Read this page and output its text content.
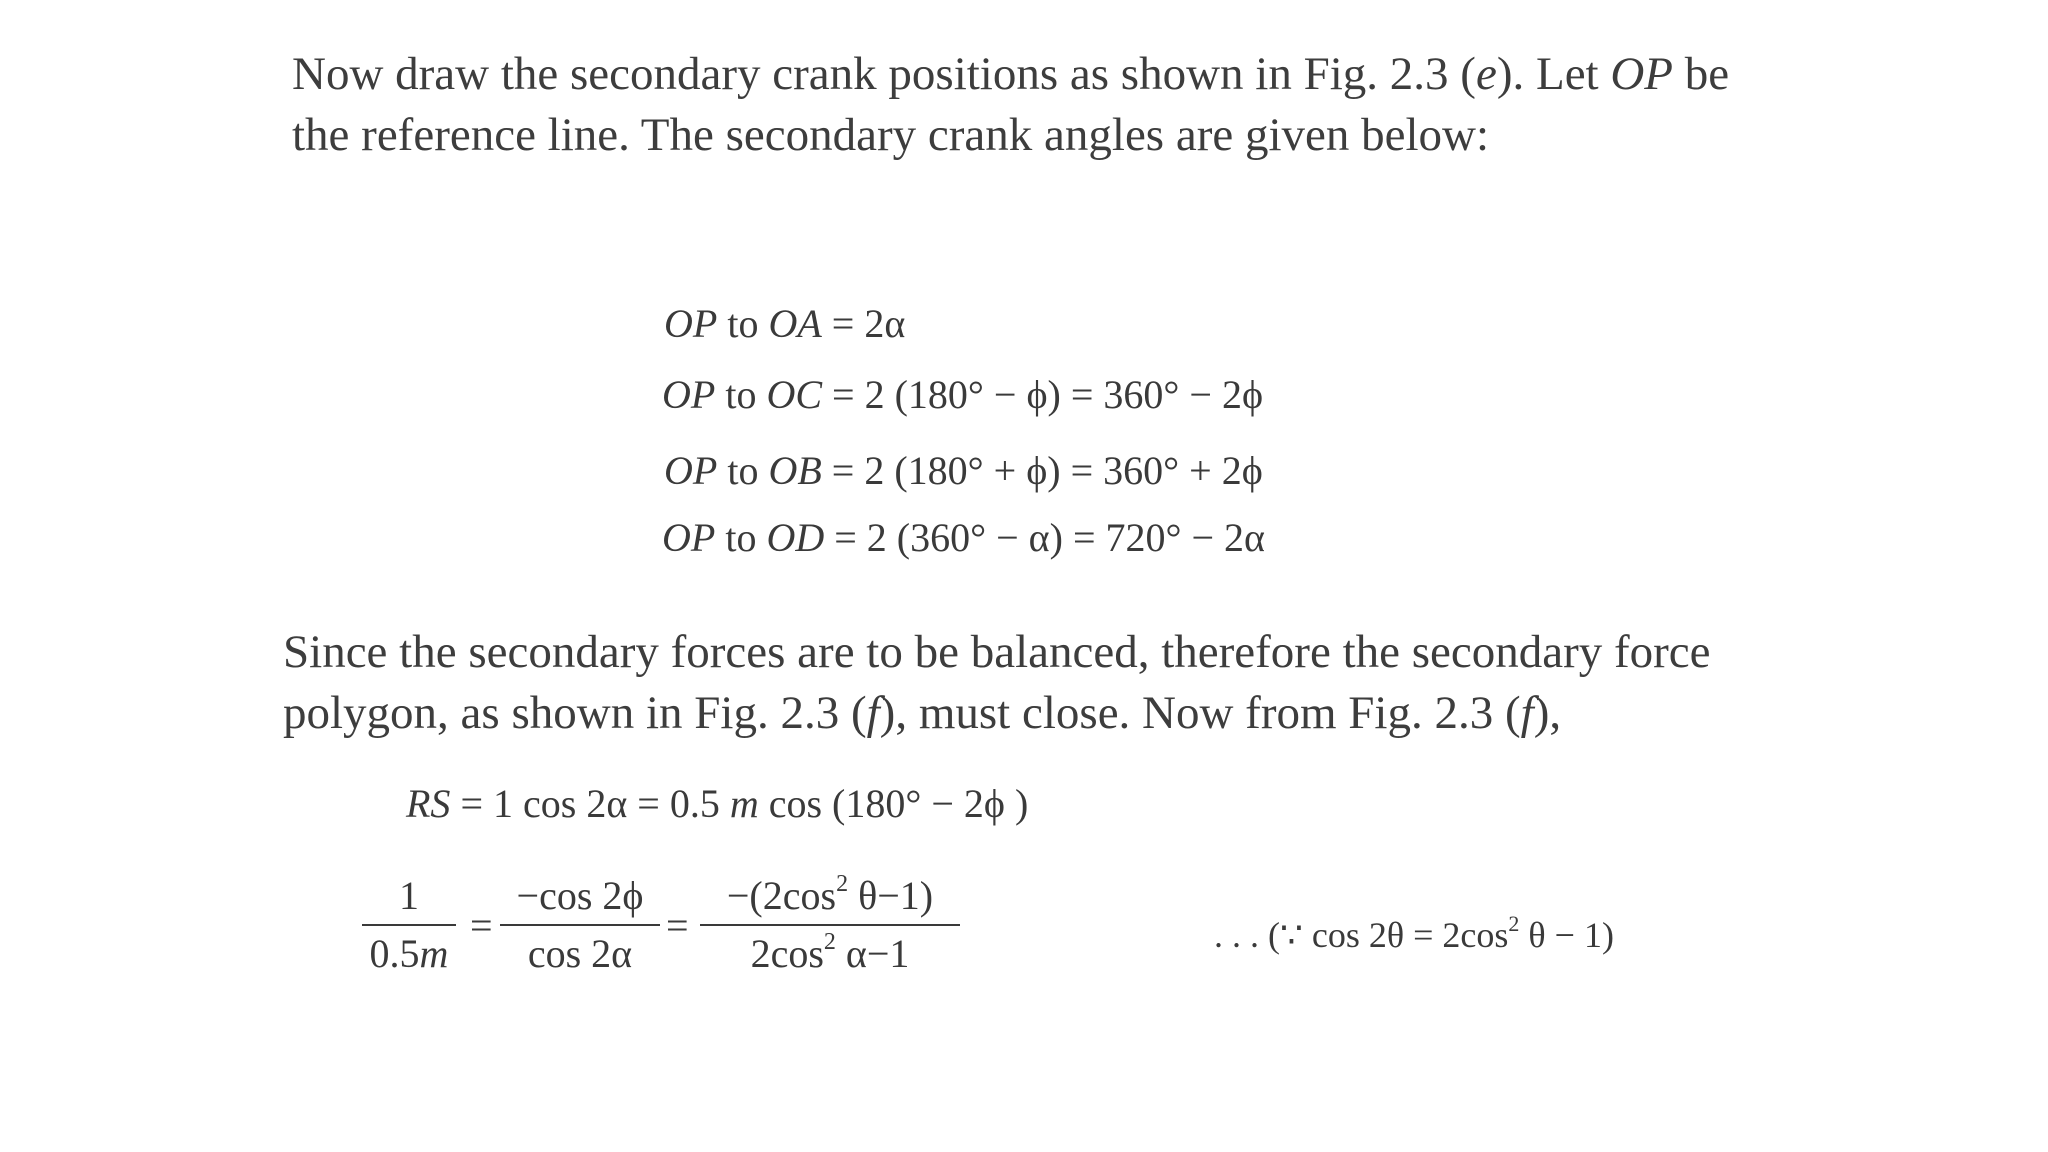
Now draw the secondary crank positions as shown in Fig. 2.3 (e). Let OP be
the reference line. The secondary crank angles are given below:
OP to OA = 2α
OP to OC = 2 (180° − ϕ) = 360° − 2ϕ
OP to OB = 2 (180° + ϕ) = 360° + 2ϕ
OP to OD = 2 (360° − α) = 720° − 2α
Since the secondary forces are to be balanced, therefore the secondary force
polygon, as shown in Fig. 2.3 (f), must close. Now from Fig. 2.3 (f),
RS = 1 cos 2α = 0.5 m cos (180° − 2ϕ )
1
0.5m
=
−cos 2ϕ
cos 2α
=
$-(2\cos^2$ θ−1)
$2\cos^2$ α−1	. . . (∵ $\cos 2\theta = 2\cos^2$ θ − 1)
